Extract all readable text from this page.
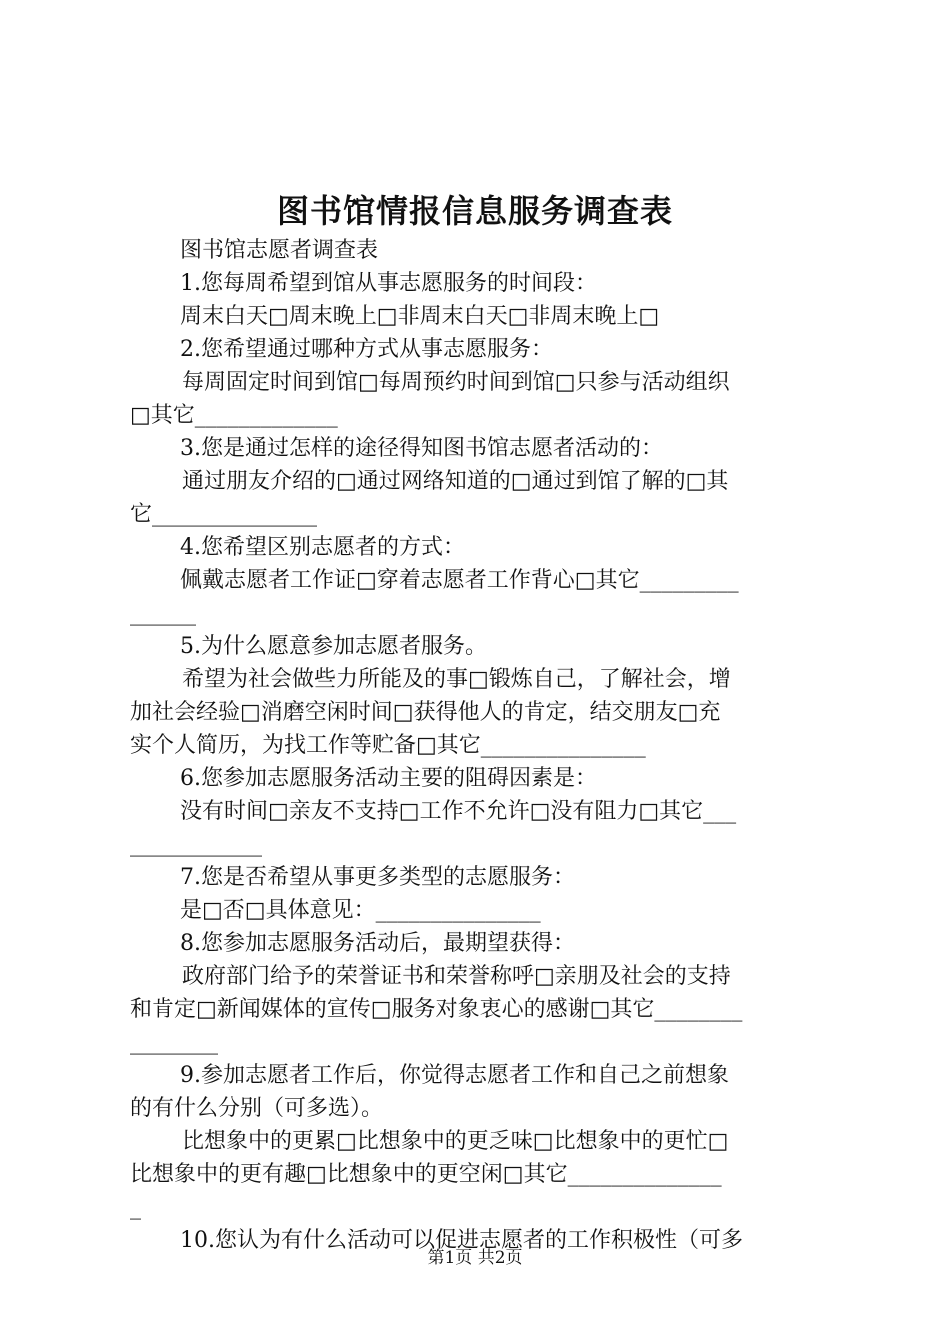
图书馆情报信息服务调查表
图书馆志愿者调查表
1.您每周希望到馆从事志愿服务的时间段：
周末白天□周末晚上□非周末白天□非周末晚上□
2.您希望通过哪种方式从事志愿服务：
每周固定时间到馆□每周预约时间到馆□只参与活动组织
□其它_____________
3.您是通过怎样的途径得知图书馆志愿者活动的：
通过朋友介绍的□通过网络知道的□通过到馆了解的□其
它_______________
4.您希望区别志愿者的方式：
佩戴志愿者工作证□穿着志愿者工作背心□其它_________
______
5.为什么愿意参加志愿者服务。
希望为社会做些力所能及的事□锻炼自己，了解社会，增
加社会经验□消磨空闲时间□获得他人的肯定，结交朋友□充
实个人简历，为找工作等贮备□其它_______________
6.您参加志愿服务活动主要的阻碍因素是：
没有时间□亲友不支持□工作不允许□没有阻力□其它___
____________
7.您是否希望从事更多类型的志愿服务：
是□否□具体意见：_______________
8.您参加志愿服务活动后，最期望获得：
政府部门给予的荣誉证书和荣誉称呼□亲朋及社会的支持
和肯定□新闻媒体的宣传□服务对象衷心的感谢□其它________
________
9.参加志愿者工作后，你觉得志愿者工作和自己之前想象
的有什么分别（可多选）。
比想象中的更累□比想象中的更乏味□比想象中的更忙□
比想象中的更有趣□比想象中的更空闲□其它______________
_
10.您认为有什么活动可以促进志愿者的工作积极性（可多
第1页 共2页
